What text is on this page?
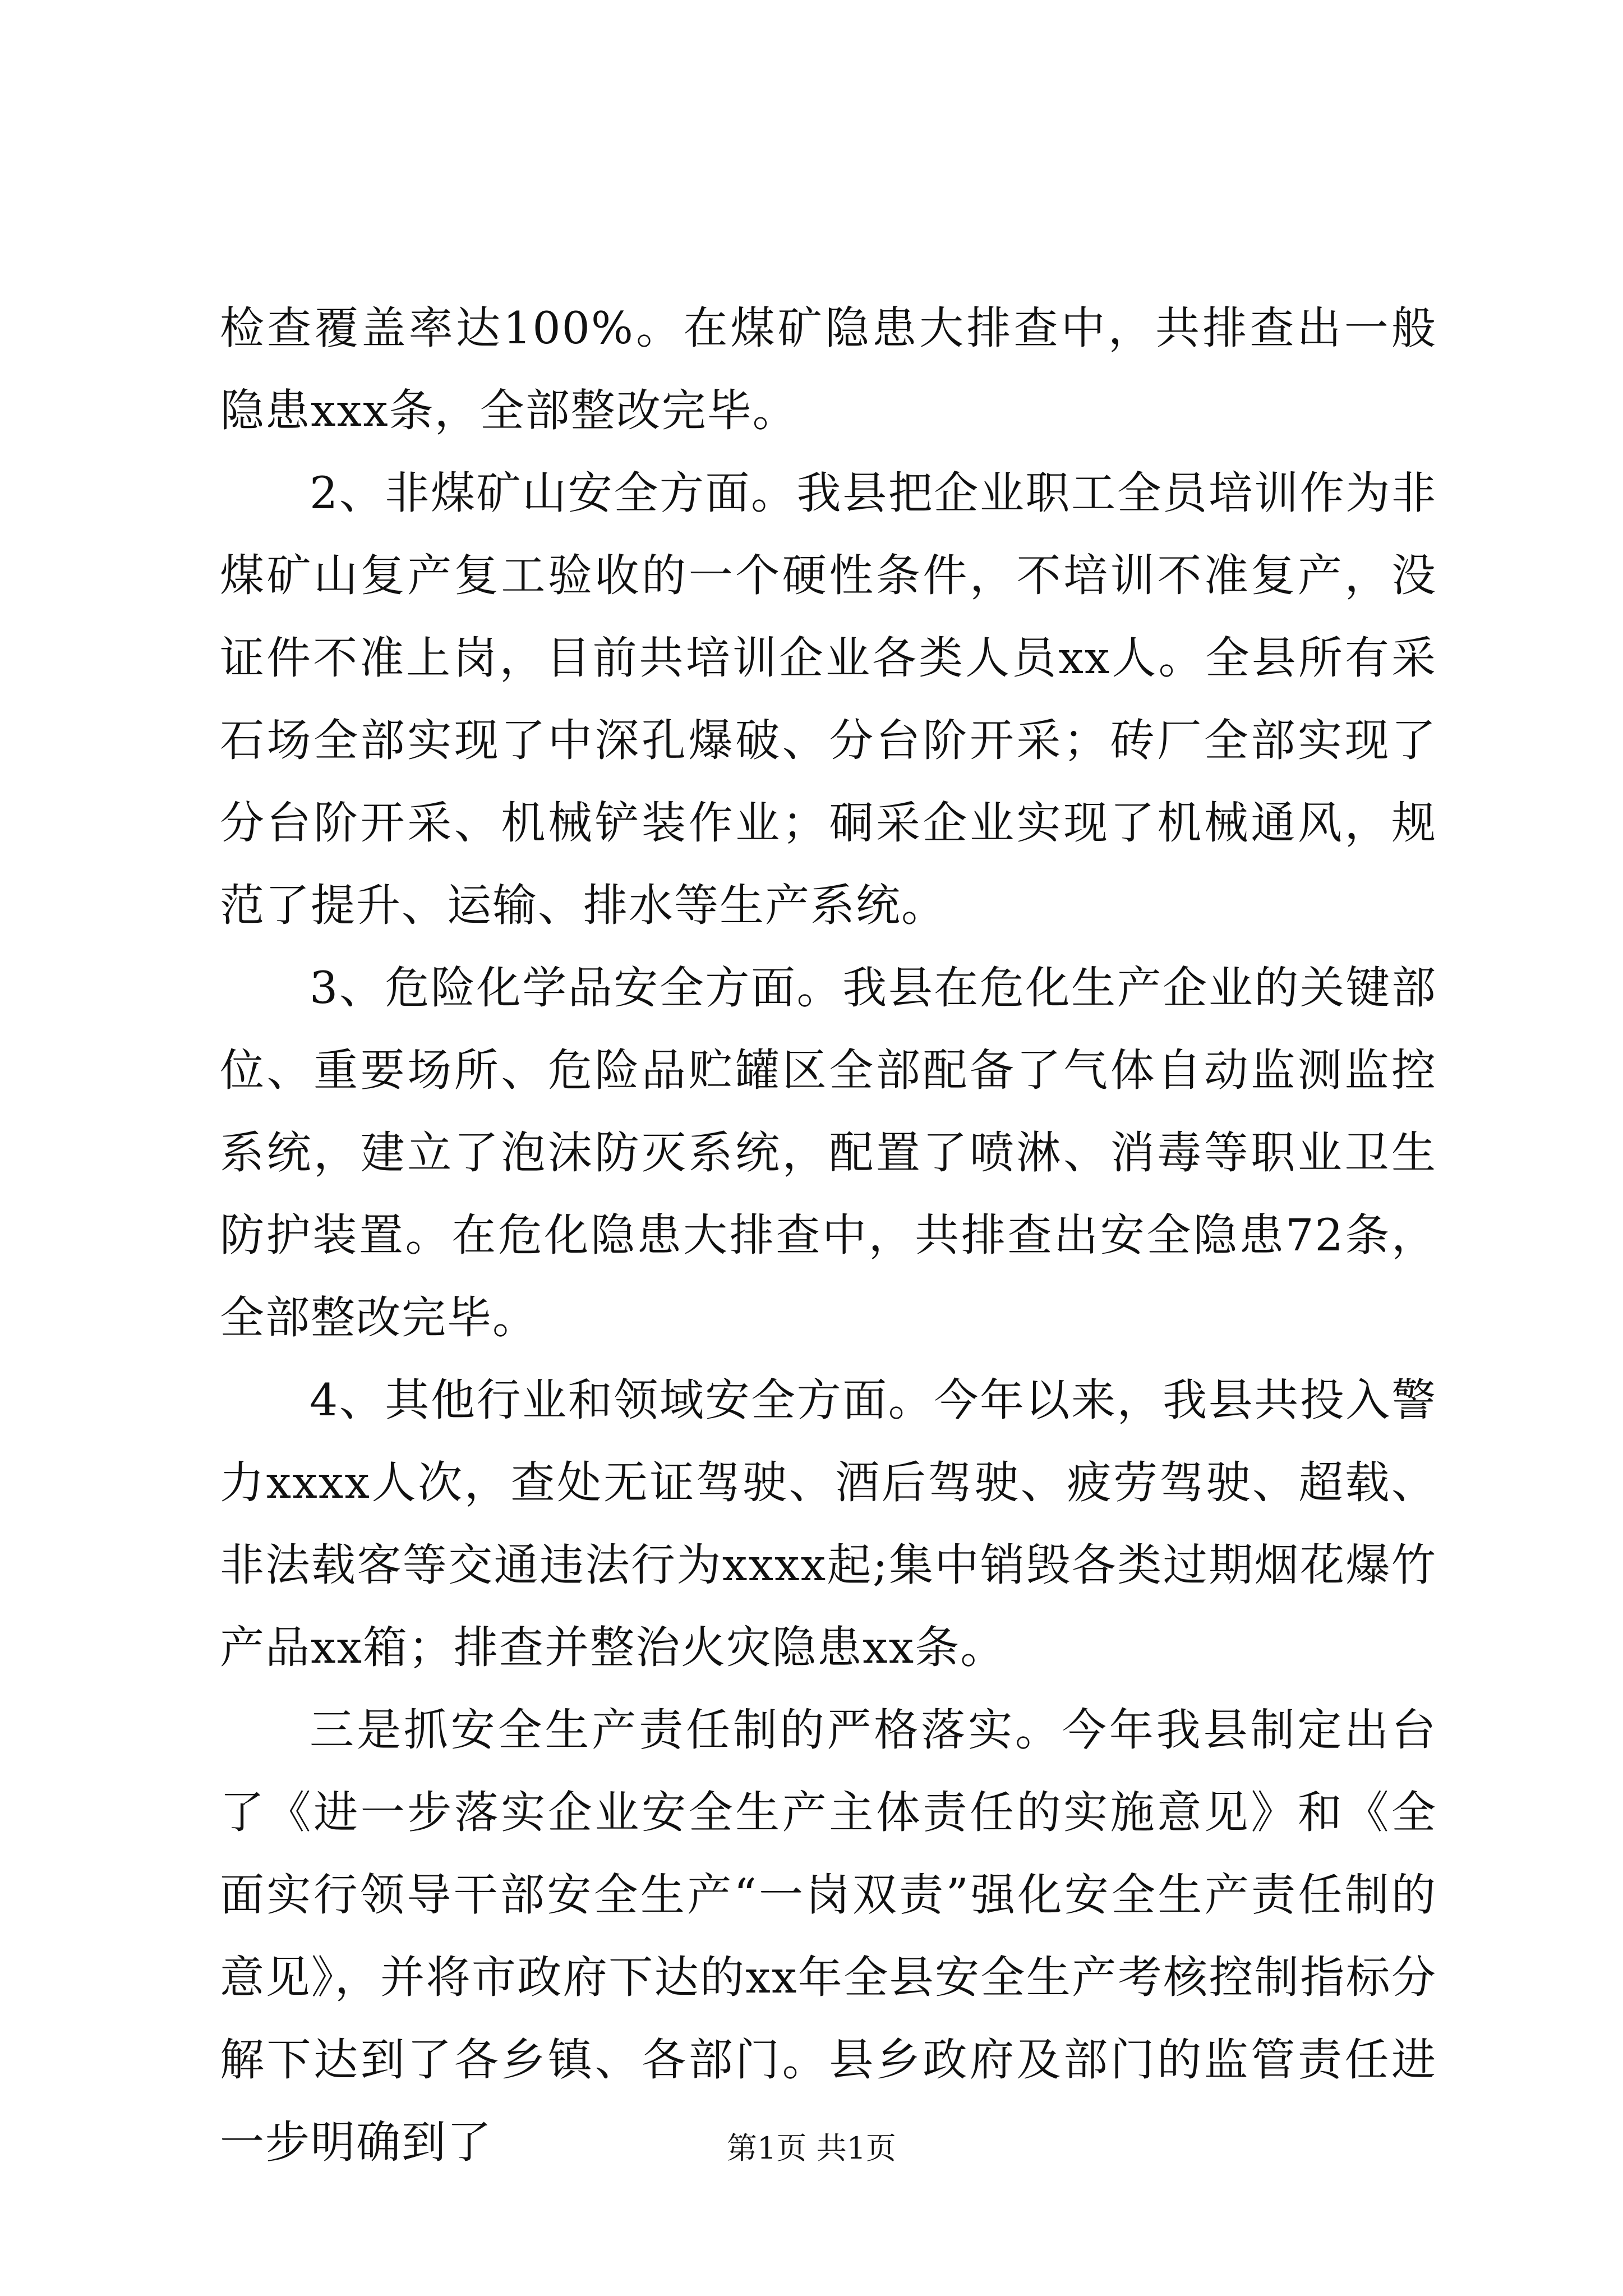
检查覆盖率达100%。在煤矿隐患大排查中，共排查出一般隐患xxx条，全部整改完毕。

2、非煤矿山安全方面。我县把企业职工全员培训作为非煤矿山复产复工验收的一个硬性条件，不培训不准复产，没证件不准上岗，目前共培训企业各类人员xx人。全县所有采石场全部实现了中深孔爆破、分台阶开采；砖厂全部实现了分台阶开采、机械铲装作业；硐采企业实现了机械通风，规范了提升、运输、排水等生产系统。

3、危险化学品安全方面。我县在危化生产企业的关键部位、重要场所、危险品贮罐区全部配备了气体自动监测监控系统，建立了泡沫防灭系统，配置了喷淋、消毒等职业卫生防护装置。在危化隐患大排查中，共排查出安全隐患72条，全部整改完毕。

4、其他行业和领域安全方面。今年以来，我县共投入警力xxxx人次，查处无证驾驶、酒后驾驶、疲劳驾驶、超载、非法载客等交通违法行为xxxx起;集中销毁各类过期烟花爆竹产品xx箱；排查并整治火灾隐患xx条。

三是抓安全生产责任制的严格落实。今年我县制定出台了《进一步落实企业安全生产主体责任的实施意见》和《全面实行领导干部安全生产“一岗双责”强化安全生产责任制的意见》，并将市政府下达的xx年全县安全生产考核控制指标分解下达到了各乡镇、各部门。县乡政府及部门的监管责任进一步明确到了	第1页 共1页
